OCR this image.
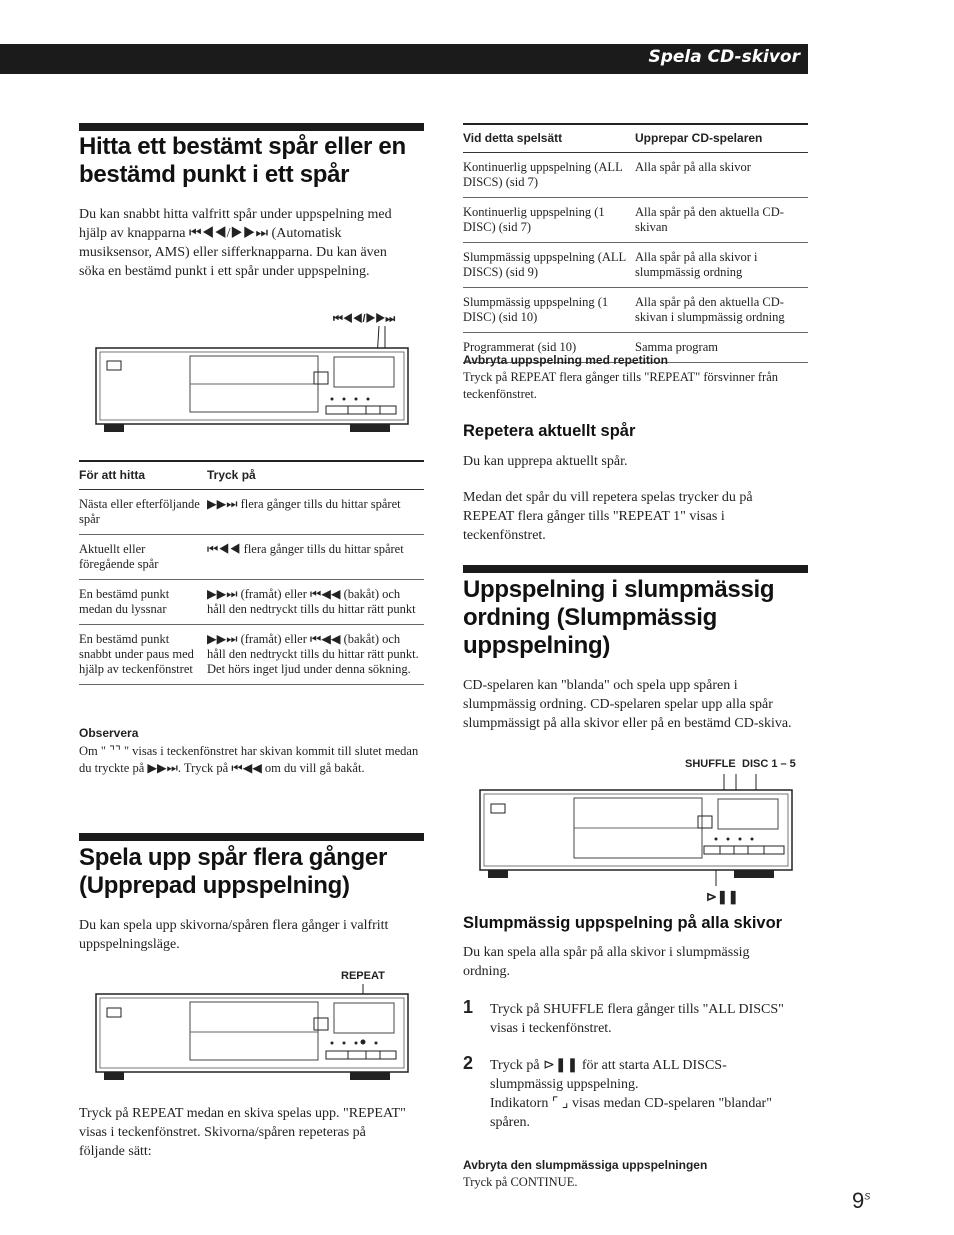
Spela CD-skivor
Hitta ett bestämt spår eller en bestämd punkt i ett spår

Du kan snabbt hitta valfritt spår under uppspelning med hjälp av knapparna ⏮◀◀/▶▶⏭ (Automatisk musiksensor, AMS) eller sifferknapparna. Du kan även söka en bestämd punkt i ett spår under uppspelning.

⏮◀◀/▶▶⏭
För att hitta	Tryck på
Nästa eller efterföljande spår	▶▶⏭ flera gånger tills du hittar spåret
Aktuellt eller föregående spår	⏮◀◀ flera gånger tills du hittar spåret
En bestämd punkt medan du lyssnar	▶▶⏭ (framåt) eller ⏮◀◀ (bakåt) och håll den nedtryckt tills du hittar rätt punkt
En bestämd punkt snabbt under paus med hjälp av teckenfönstret	▶▶⏭ (framåt) eller ⏮◀◀ (bakåt) och håll den nedtryckt tills du hittar rätt punkt. Det hörs inget ljud under denna sökning.

Observera

Om " ⌝⌝ " visas i teckenfönstret har skivan kommit till slutet medan du tryckte på ▶▶⏭. Tryck på ⏮◀◀ om du vill gå bakåt.

Spela upp spår flera gånger (Upprepad uppspelning)

Du kan spela upp skivorna/spåren flera gånger i valfritt uppspelningsläge.

REPEAT

Tryck på REPEAT medan en skiva spelas upp. "REPEAT" visas i teckenfönstret. Skivorna/spåren repeteras på följande sätt:

Vid detta spelsätt	Upprepar CD-spelaren
Kontinuerlig uppspelning (ALL DISCS) (sid 7)	Alla spår på alla skivor
Kontinuerlig uppspelning (1 DISC) (sid 7)	Alla spår på den aktuella CD-skivan
Slumpmässig uppspelning (ALL DISCS) (sid 9)	Alla spår på alla skivor i slumpmässig ordning
Slumpmässig uppspelning (1 DISC) (sid 10)	Alla spår på den aktuella CD-skivan i slumpmässig ordning
Programmerat (sid 10)	Samma program

Avbryta uppspelning med repetition

Tryck på REPEAT flera gånger tills "REPEAT" försvinner från teckenfönstret.

Repetera aktuellt spår

Du kan upprepa aktuellt spår.

Medan det spår du vill repetera spelas trycker du på REPEAT flera gånger tills "REPEAT 1" visas i teckenfönstret.

Uppspelning i slumpmässig ordning (Slumpmässig uppspelning)

CD-spelaren kan "blanda" och spela upp spåren i slumpmässig ordning. CD-spelaren spelar upp alla spår slumpmässigt på alla skivor eller på en bestämd CD-skiva.

SHUFFLE DISC 1 – 5
⊳❚❚
Slumpmässig uppspelning på alla skivor

Du kan spela alla spår på alla skivor i slumpmässig ordning.

1 Tryck på SHUFFLE flera gånger tills "ALL DISCS" visas i teckenfönstret.

2 Tryck på ⊳❚❚ för att starta ALL DISCS-slumpmässig uppspelning.

Indikatorn ⌜ ⌟ visas medan CD-spelaren "blandar" spåren.

Avbryta den slumpmässiga uppspelningen

Tryck på CONTINUE.

$9^S$
